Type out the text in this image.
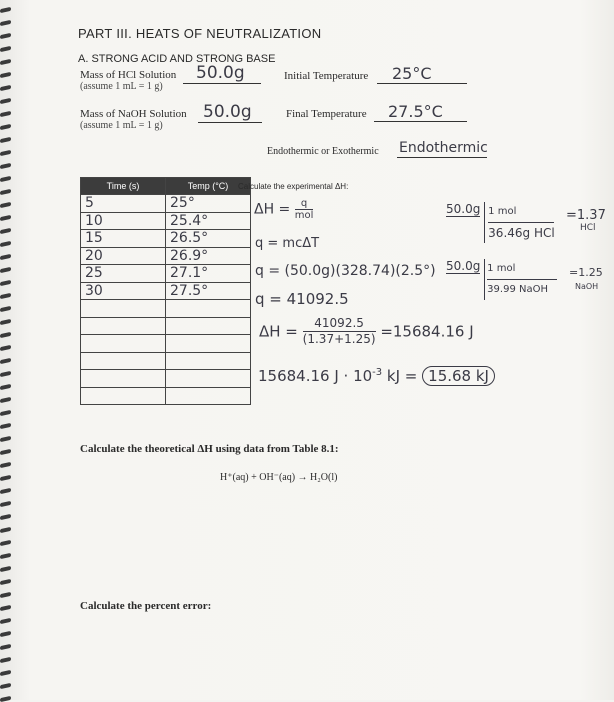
PART III. HEATS OF NEUTRALIZATION
A. STRONG ACID AND STRONG BASE
Mass of HCl Solution
(assume 1 mL = 1 g)
50.0g	Initial Temperature 25°C
Mass of NaOH Solution
(assume 1 mL = 1 g)
50.0g	Final Temperature 27.5°C
Endothermic or Exothermic Endothermic
Time (s)	Temp (°C)
5	25°
10	25.4°
15	26.5°
20	26.9°
25	27.1°
30	27.5°

Calculate the experimental ΔH:
ΔH =	q
mol
q = mcΔT
q = (50.0g)(328.74)(2.5°)
q = 41092.5
$\Delta H = \frac{41092.5}{(1.37+1.25)} =15684.16$ J
15684.16 $J \cdot 10^{-3}$ kJ = 15.68 kJ
50.0g 1 mol
36.46g HCl
=1.37
HCl
50.0g 1 mol
39.99 NaOH
=1.25
NaOH
Calculate the theoretical ΔH using data from Table 8.1:
H⁺(aq) + OH⁻(aq) → H₂O(l)
Calculate the percent error:
